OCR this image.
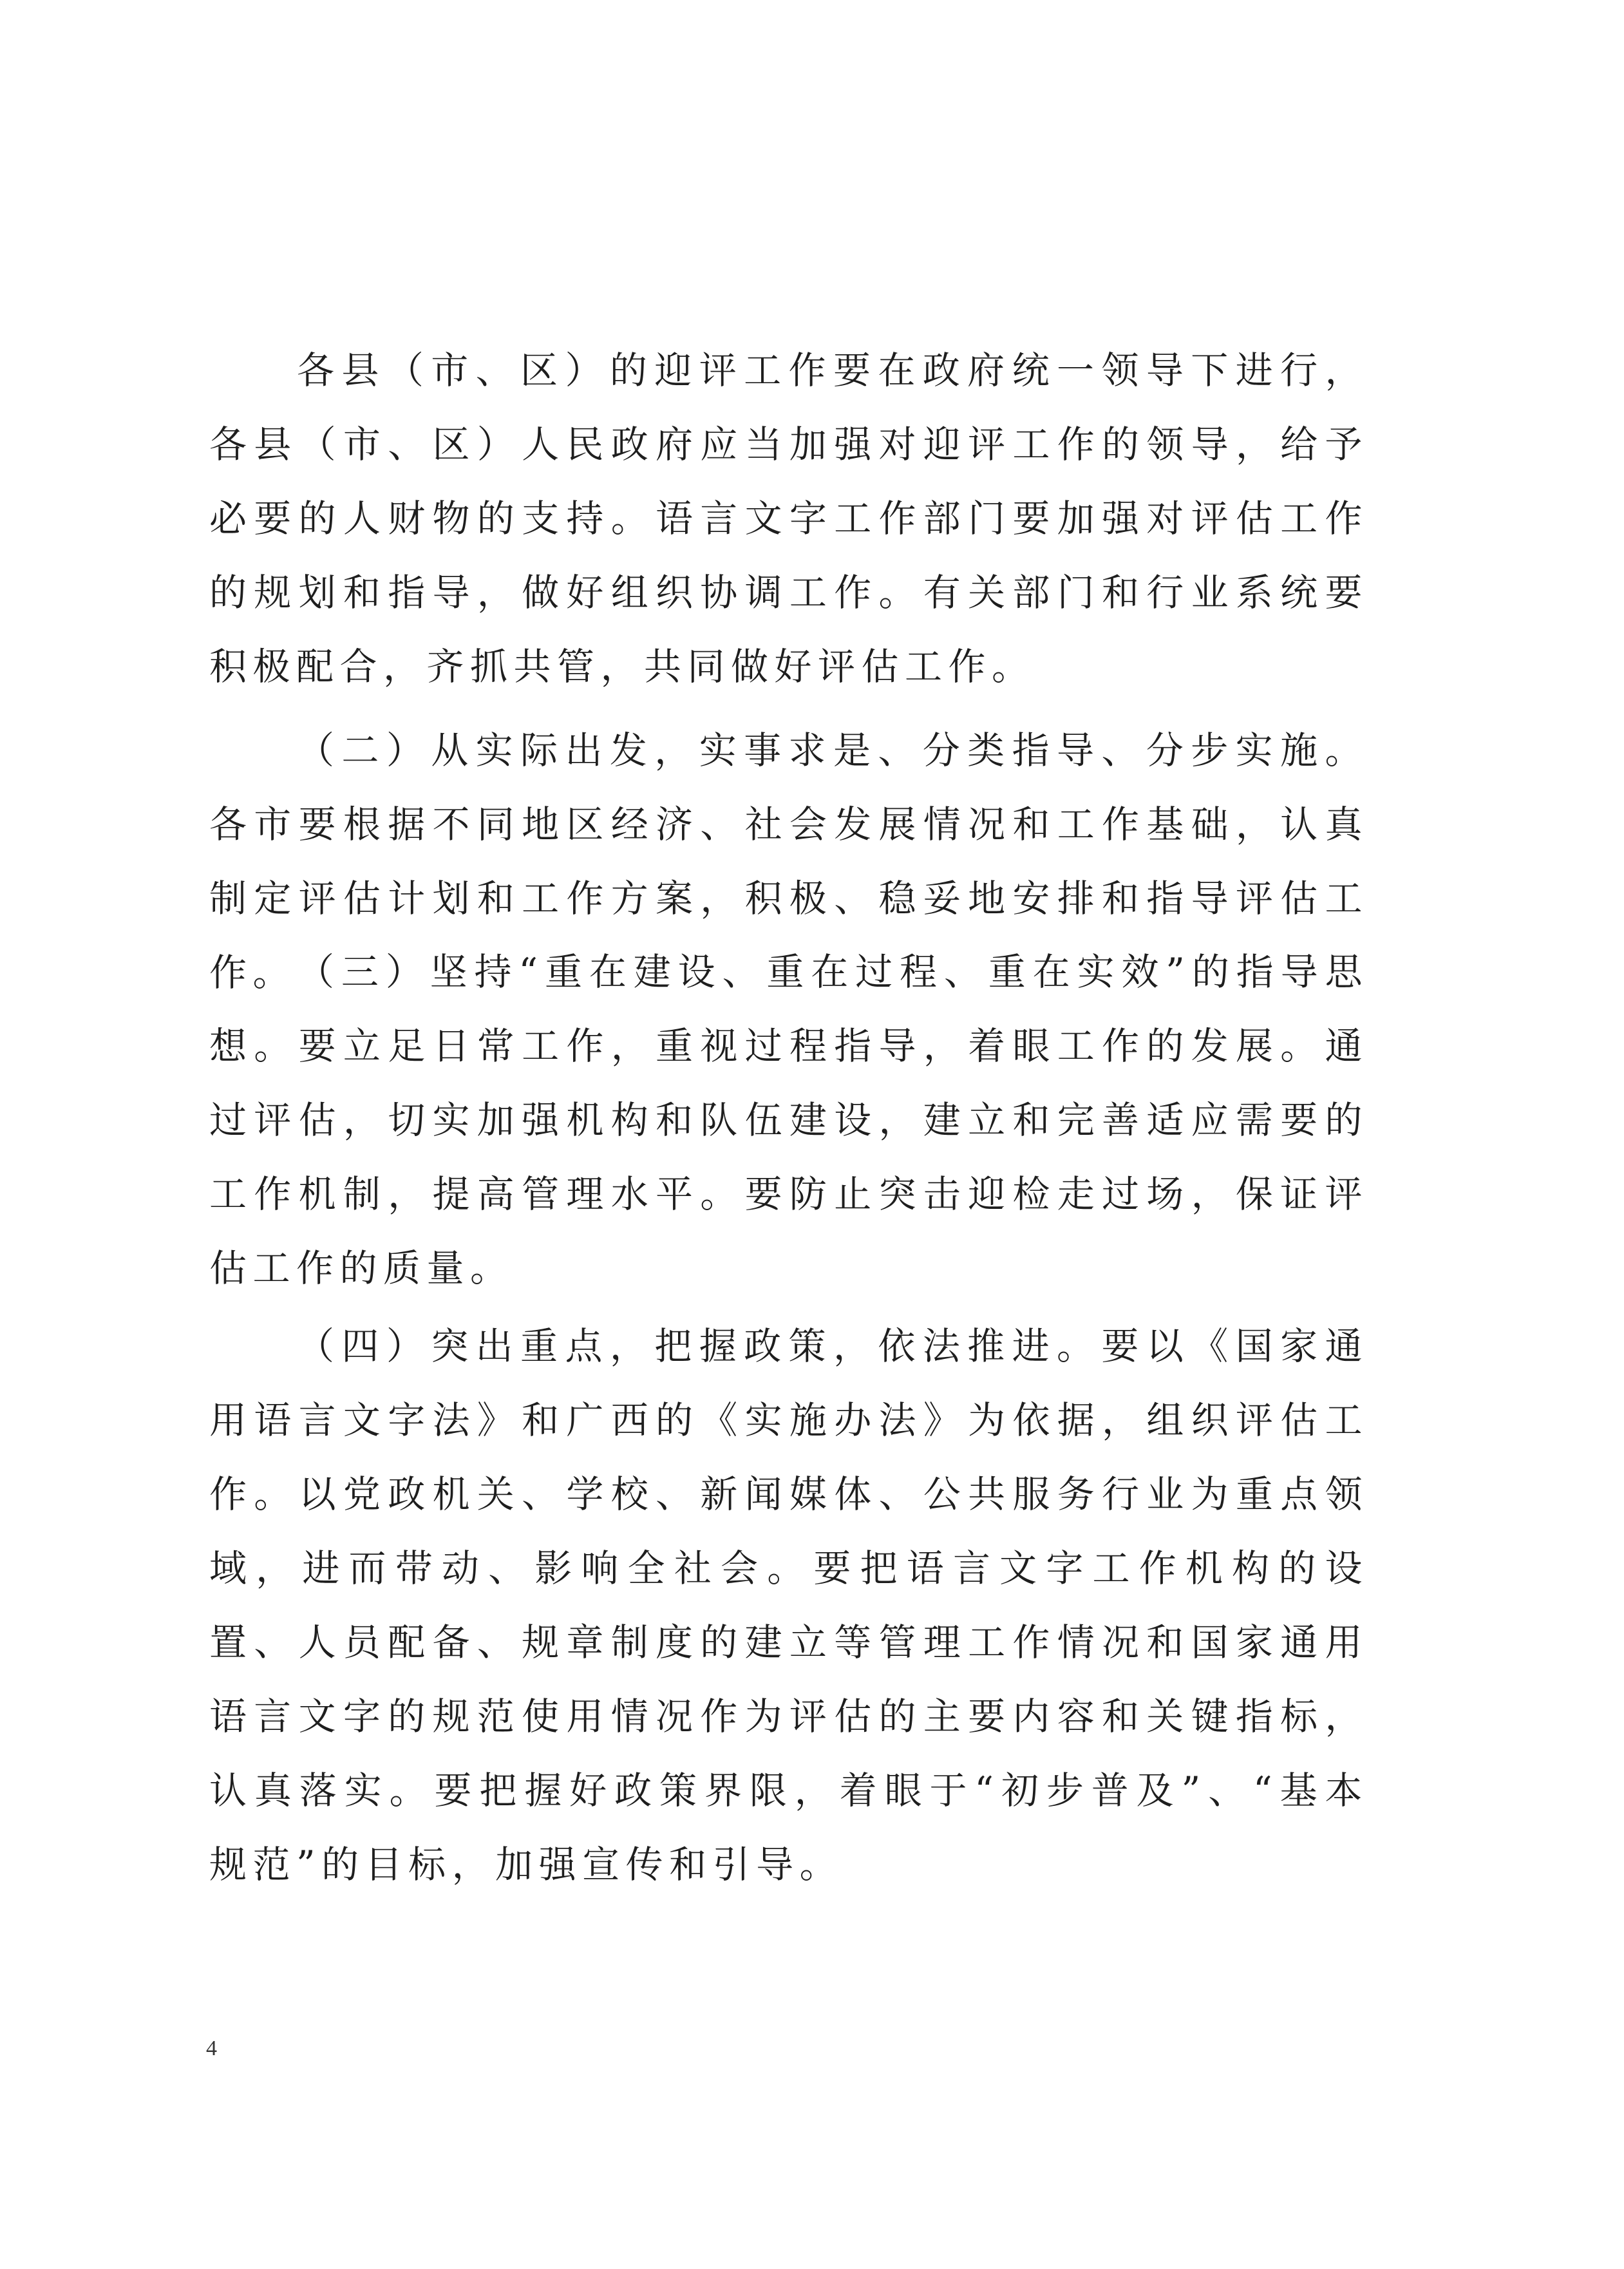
各县（市、区）的迎评工作要在政府统一领导下进行，各县（市、区）人民政府应当加强对迎评工作的领导，给予必要的人财物的支持。语言文字工作部门要加强对评估工作的规划和指导，做好组织协调工作。有关部门和行业系统要积极配合，齐抓共管，共同做好评估工作。

（二）从实际出发，实事求是、分类指导、分步实施。各市要根据不同地区经济、社会发展情况和工作基础，认真制定评估计划和工作方案，积极、稳妥地安排和指导评估工作。 （三）坚持“重在建设、重在过程、重在实效”的指导思想。要立足日常工作，重视过程指导，着眼工作的发展。通过评估，切实加强机构和队伍建设，建立和完善适应需要的工作机制，提高管理水平。要防止突击迎检走过场，保证评估工作的质量。

（四）突出重点，把握政策，依法推进。要以《国家通用语言文字法》和广西的《实施办法》为依据，组织评估工作。以党政机关、学校、新闻媒体、公共服务行业为重点领域，进而带动、影响全社会。要把语言文字工作机构的设置、人员配备、规章制度的建立等管理工作情况和国家通用语言文字的规范使用情况作为评估的主要内容和关键指标，认真落实。要把握好政策界限，着眼于“初步普及”、“基本规范”的目标，加强宣传和引导。

4
